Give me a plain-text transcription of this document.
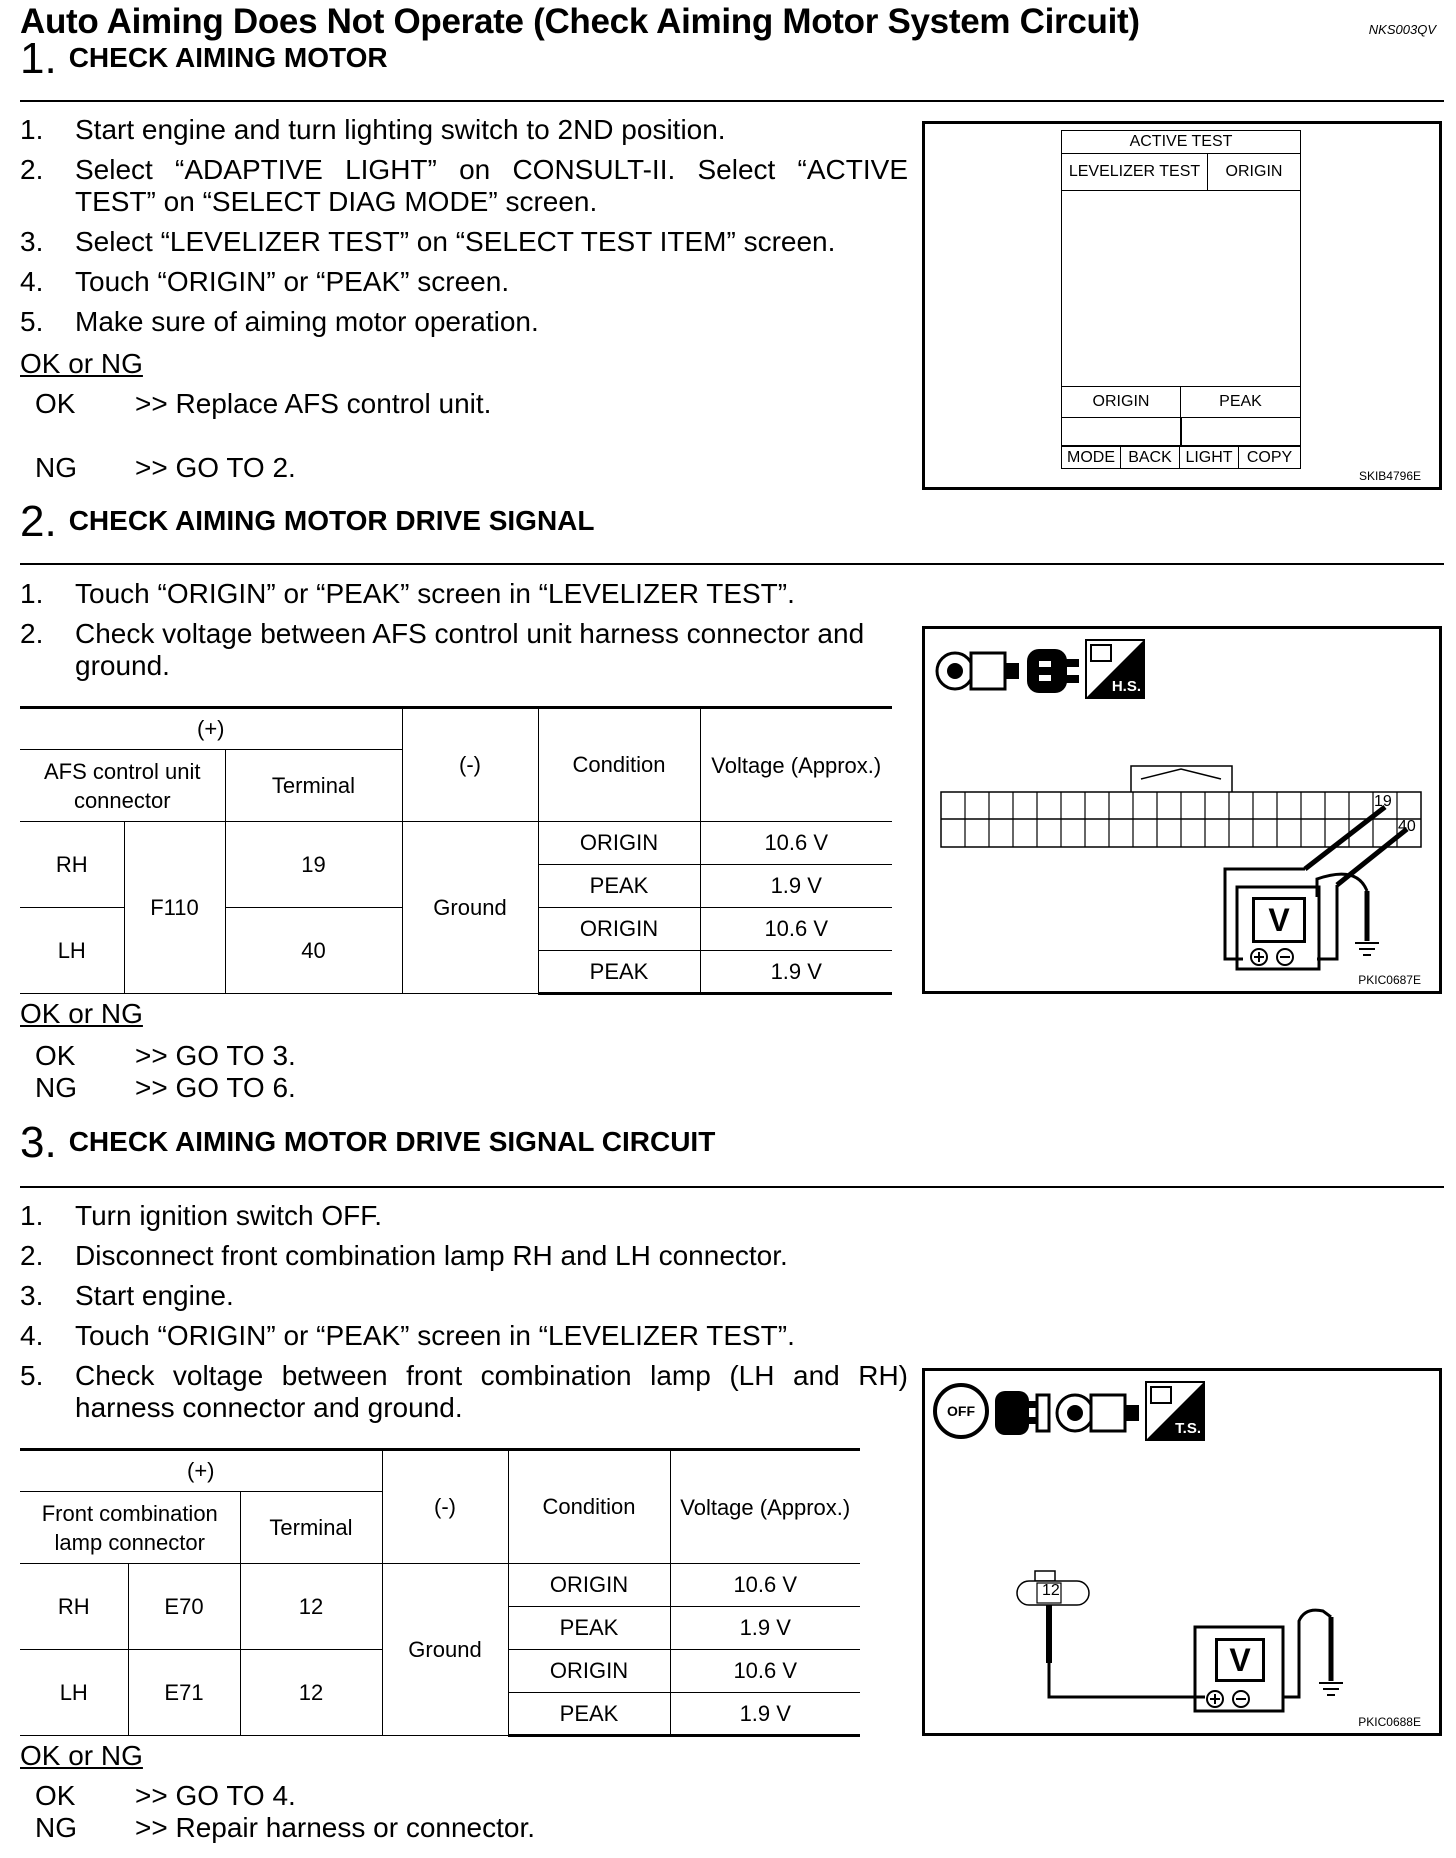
Auto Aiming Does Not Operate (Check Aiming Motor System Circuit)	NKS003QV
1. CHECK AIMING MOTOR
1. Start engine and turn lighting switch to 2ND position.
2. Select “ADAPTIVE LIGHT” on CONSULT-II. Select “ACTIVE TEST” on “SELECT DIAG MODE” screen.
3. Select “LEVELIZER TEST” on “SELECT TEST ITEM” screen.
4. Touch “ORIGIN” or “PEAK” screen.
5. Make sure of aiming motor operation.
OK or NG
OK >> Replace AFS control unit.
NG >> GO TO 2.
ACTIVE TEST
LEVELIZER TEST	ORIGIN
ORIGIN	PEAK
MODE BACK LIGHT COPY
SKIB4796E
2. CHECK AIMING MOTOR DRIVE SIGNAL
1. Touch “ORIGIN” or “PEAK” screen in “LEVELIZER TEST”.
2. Check voltage between AFS control unit harness connector and ground.
(+)			(-)	Condition	Voltage (Approx.)
AFS control unit connector		Terminal			
RH	F110	19	Ground	ORIGIN	10.6 V
				PEAK	1.9 V
LH		40		ORIGIN	10.6 V
				PEAK	1.9 V
OK or NG
OK >> GO TO 3.
NG >> GO TO 6.
H.S.
19
40
V
PKIC0687E
3. CHECK AIMING MOTOR DRIVE SIGNAL CIRCUIT
1. Turn ignition switch OFF.
2. Disconnect front combination lamp RH and LH connector.
3. Start engine.
4. Touch “ORIGIN” or “PEAK” screen in “LEVELIZER TEST”.
5. Check voltage between front combination lamp (LH and RH) harness connector and ground.
(+)			(-)	Condition	Voltage (Approx.)
Front combination lamp connector		Terminal			
RH	E70	12	Ground	ORIGIN	10.6 V
				PEAK	1.9 V
LH	E71	12		ORIGIN	10.6 V
				PEAK	1.9 V
OK or NG
OK >> GO TO 4.
NG >> Repair harness or connector.
OFF
T.S.
12
V
PKIC0688E
